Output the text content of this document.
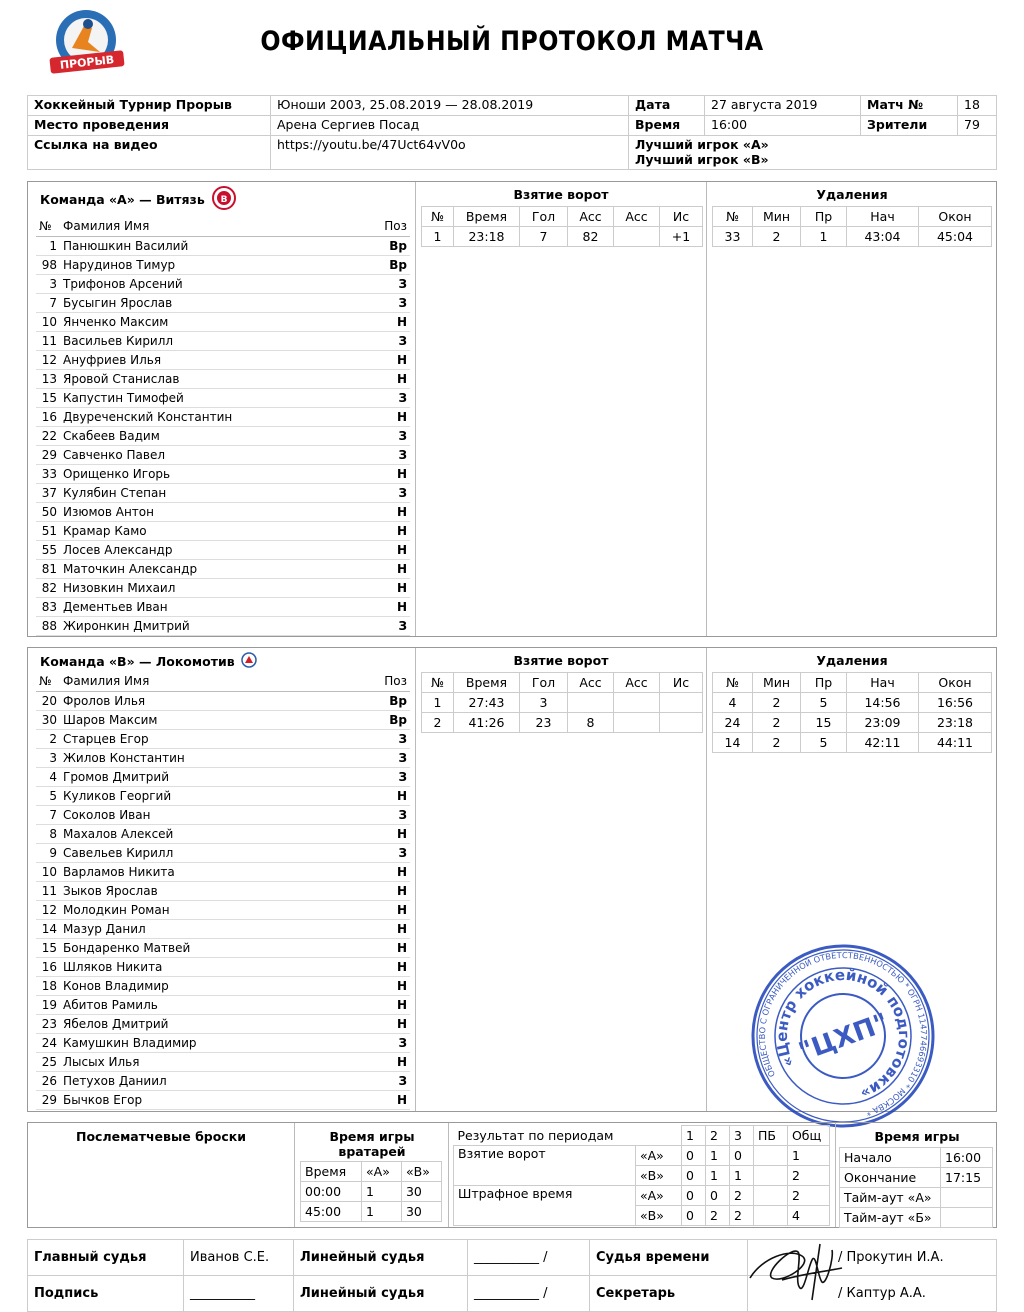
ПРОРЫВ
ОФИЦИАЛЬНЫЙ ПРОТОКОЛ МАТЧА
Хоккейный Турнир Прорыв	Юноши 2003, 25.08.2019 — 28.08.2019	Дата	27 августа 2019	Матч №	18
Место проведения	Арена Сергиев Посад	Время	16:00	Зрители	79
Ссылка на видео	https://youtu.be/47Uct64vV0o	Лучший игрок «А»
Лучший игрок «В»			
Команда «А» — Витязь В
№	Фамилия Имя	Поз
1	Панюшкин Василий	Вр
98	Нарудинов Тимур	Вр
3	Трифонов Арсений	З
7	Бусыгин Ярослав	З
10	Янченко Максим	Н
11	Васильев Кирилл	З
12	Ануфриев Илья	Н
13	Яровой Станислав	Н
15	Капустин Тимофей	З
16	Двуреченский Константин	Н
22	Скабеев Вадим	З
29	Савченко Павел	З
33	Орищенко Игорь	Н
37	Кулябин Степан	З
50	Изюмов Антон	Н
51	Крамар Камо	Н
55	Лосев Александр	Н
81	Маточкин Александр	Н
82	Низовкин Михаил	Н
83	Дементьев Иван	Н
88	Жиронкин Дмитрий	З
Взятие ворот
№	Время	Гол	Асс	Асс	Ис
1	23:18	7	82		+1
Удаления
№	Мин	Пр	Нач	Окон
33	2	1	43:04	45:04
Команда «В» — Локомотив
№	Фамилия Имя	Поз
20	Фролов Илья	Вр
30	Шаров Максим	Вр
2	Старцев Егор	З
3	Жилов Константин	З
4	Громов Дмитрий	З
5	Куликов Георгий	Н
7	Соколов Иван	З
8	Махалов Алексей	Н
9	Савельев Кирилл	З
10	Варламов Никита	Н
11	Зыков Ярослав	Н
12	Молодкин Роман	Н
14	Мазур Данил	Н
15	Бондаренко Матвей	Н
16	Шляков Никита	Н
18	Конов Владимир	Н
19	Абитов Рамиль	Н
23	Ябелов Дмитрий	Н
24	Камушкин Владимир	З
25	Лысых Илья	Н
26	Петухов Даниил	З
29	Бычков Егор	Н
Взятие ворот
№	Время	Гол	Асс	Асс	Ис
1	27:43	3			
2	41:26	23	8		
Удаления
№	Мин	Пр	Нач	Окон
4	2	5	14:56	16:56
24	2	15	23:09	23:18
14	2	5	42:11	44:11
ОБЩЕСТВО С ОГРАНИЧЕННОЙ ОТВЕТСТВЕННОСТЬЮ * ОГРН 1147746693310 * МОСКВА *
«Центр хоккейной подготовки»
"ЦХП"
Послематчевые броски	Время игры вратарей
Время	«А»	«В»
00:00	1	30
45:00	1	30
Результат по периодам		1	2	3	ПБ	Общ
Взятие ворот	«А»	0	1	0		1
	«В»	0	1	1		2
Штрафное время	«А»	0	0	2		2
	«В»	0	2	2		4
Время игры
Начало	16:00
Окончание	17:15
Тайм-аут «А»	
Тайм-аут «Б»	
Главный судья	Иванов С.Е.	Линейный судья	__________ /	Судья времени	/ Прокутин И.А.
Подпись	__________	Линейный судья	__________ /	Секретарь	/ Каптур А.А.
